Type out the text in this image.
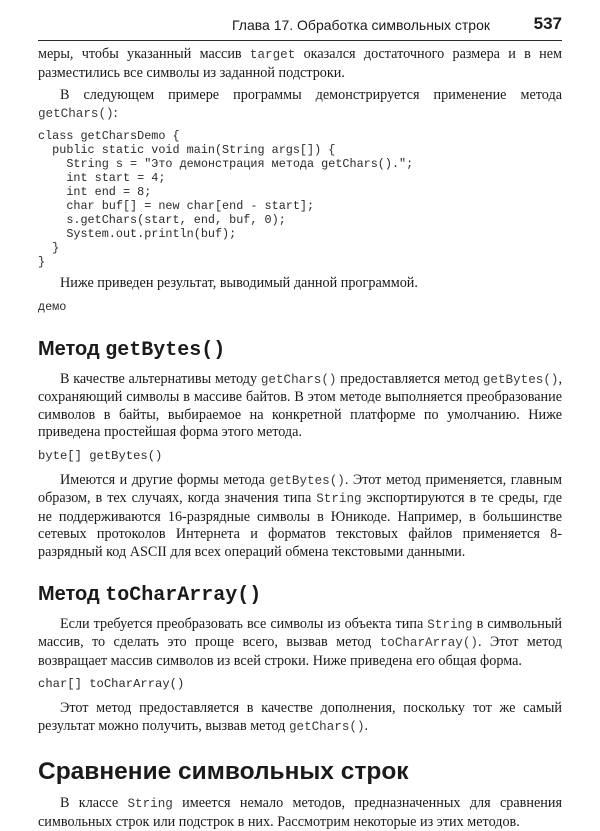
Глава 17. Обработка символьных строк	537

меры, чтобы указанный массив target оказался достаточного размера и в нем разместились все символы из заданной подстроки.

В следующем примере программы демонстрируется применение метода getChars():

class getCharsDemo {
public static void main(String args[]) {
String s = "Это демонстрация метода getChars().";
int start = 4;
int end = 8;
char buf[] = new char[end - start];
s.getChars(start, end, buf, 0);
System.out.println(buf);
}
}

Ниже приведен результат, выводимый данной программой.

демо
Метод getBytes()

В качестве альтернативы методу getChars() предоставляется метод getBytes(), сохраняющий символы в массиве байтов. В этом методе выполняется преобразование символов в байты, выбираемое на конкретной платформе по умолчанию. Ниже приведена простейшая форма этого метода.

byte[] getBytes()

Имеются и другие формы метода getBytes(). Этот метод применяется, главным образом, в тех случаях, когда значения типа String экспортируются в те среды, где не поддерживаются 16-разрядные символы в Юникоде. Например, в большинстве сетевых протоколов Интернета и форматов текстовых файлов применяется 8-разрядный код ASCII для всех операций обмена текстовыми данными.

Метод toCharArray()

Если требуется преобразовать все символы из объекта типа String в символьный массив, то сделать это проще всего, вызвав метод toCharArray(). Этот метод возвращает массив символов из всей строки. Ниже приведена его общая форма.

char[] toCharArray()

Этот метод предоставляется в качестве дополнения, поскольку тот же самый результат можно получить, вызвав метод getChars().

Сравнение символьных строк

В классе String имеется немало методов, предназначенных для сравнения символьных строк или подстрок в них. Рассмотрим некоторые из этих методов.
